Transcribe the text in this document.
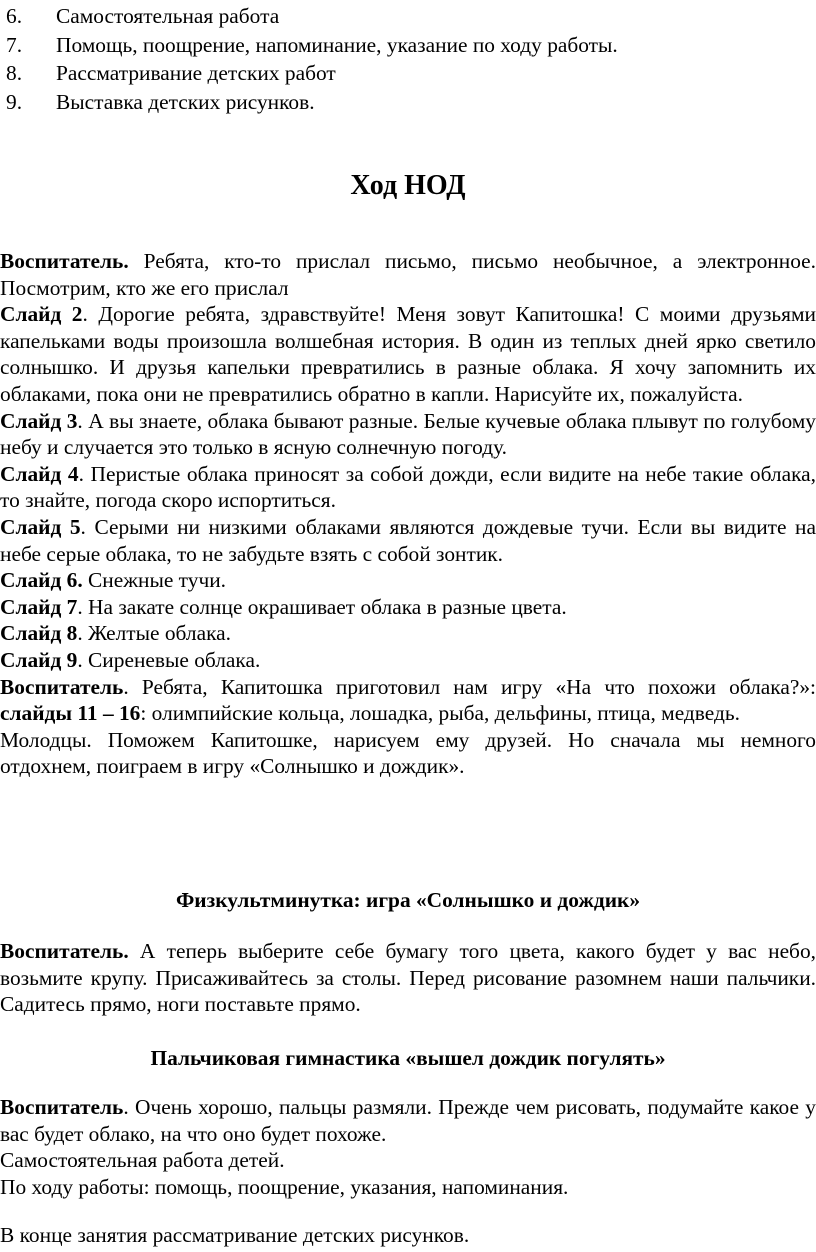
6.	Самостоятельная работа
7.	Помощь, поощрение, напоминание, указание по ходу работы.
8.	Рассматривание детских работ
9.	Выставка детских рисунков.
Ход НОД

Воспитатель. Ребята, кто-то прислал письмо, письмо необычное, а электронное. Посмотрим, кто же его прислал

Слайд 2. Дорогие ребята, здравствуйте! Меня зовут Капитошка! С моими друзьями капельками воды произошла волшебная история. В один из теплых дней ярко светило солнышко. И друзья капельки превратились в разные облака. Я хочу запомнить их облаками, пока они не превратились обратно в капли. Нарисуйте их, пожалуйста.

Слайд 3. А вы знаете, облака бывают разные. Белые кучевые облака плывут по голубому небу и случается это только в ясную солнечную погоду.

Слайд 4. Перистые облака приносят за собой дожди, если видите на небе такие облака, то знайте, погода скоро испортиться.

Слайд 5. Серыми ни низкими облаками являются дождевые тучи. Если вы видите на небе серые облака, то не забудьте взять с собой зонтик.

Слайд 6. Снежные тучи.

Слайд 7. На закате солнце окрашивает облака в разные цвета.

Слайд 8. Желтые облака.

Слайд 9. Сиреневые облака.

Воспитатель. Ребята, Капитошка приготовил нам игру «На что похожи облака?»: слайды 11 – 16: олимпийские кольца, лошадка, рыба, дельфины, птица, медведь.

Молодцы. Поможем Капитошке, нарисуем ему друзей. Но сначала мы немного отдохнем, поиграем в игру «Солнышко и дождик».

Физкультминутка: игра «Солнышко и дождик»

Воспитатель. А теперь выберите себе бумагу того цвета, какого будет у вас небо, возьмите крупу. Присаживайтесь за столы. Перед рисование разомнем наши пальчики. Садитесь прямо, ноги поставьте прямо.

Пальчиковая гимнастика «вышел дождик погулять»

Воспитатель. Очень хорошо, пальцы размяли. Прежде чем рисовать, подумайте какое у вас будет облако, на что оно будет похоже.

Самостоятельная работа детей.

По ходу работы: помощь, поощрение, указания, напоминания.

В конце занятия рассматривание детских рисунков.
